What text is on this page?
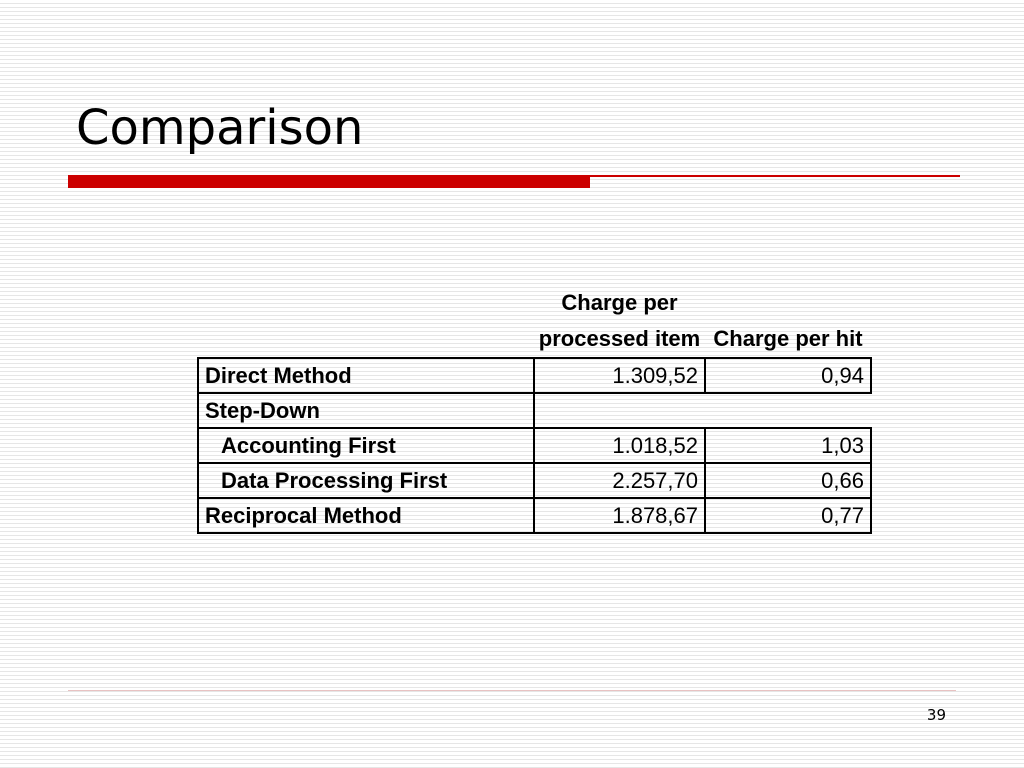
Comparison
	Charge per processed item	Charge per hit
Direct Method	1.309,52	0,94
Step-Down		
Accounting First	1.018,52	1,03
Data Processing First	2.257,70	0,66
Reciprocal Method	1.878,67	0,77
39
